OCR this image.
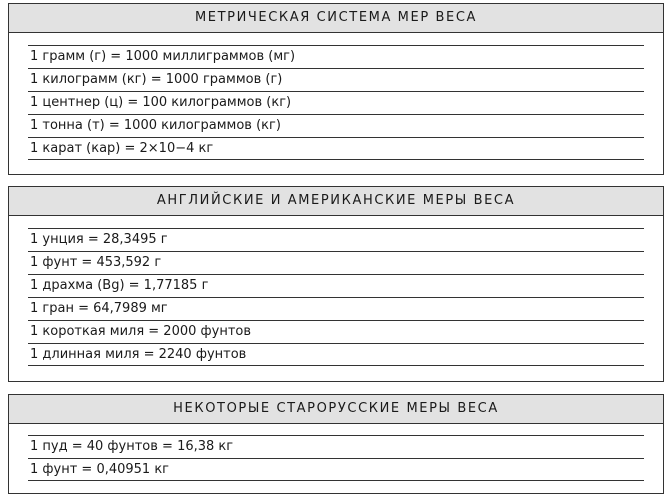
МЕТРИЧЕСКАЯ СИСТЕМА МЕР ВЕСА
1 грамм (г) = 1000 миллиграммов (мг)
1 килограмм (кг) = 1000 граммов (г)
1 центнер (ц) = 100 килограммов (кг)
1 тонна (т) = 1000 килограммов (кг)
1 карат (кар) = 2×10−4 кг
АНГЛИЙСКИЕ И АМЕРИКАНСКИЕ МЕРЫ ВЕСА
1 унция = 28,3495 г
1 фунт = 453,592 г
1 драхма (Bg) = 1,77185 г
1 гран = 64,7989 мг
1 короткая миля = 2000 фунтов
1 длинная миля = 2240 фунтов
НЕКОТОРЫЕ СТАРОРУССКИЕ МЕРЫ ВЕСА
1 пуд = 40 фунтов = 16,38 кг
1 фунт = 0,40951 кг
